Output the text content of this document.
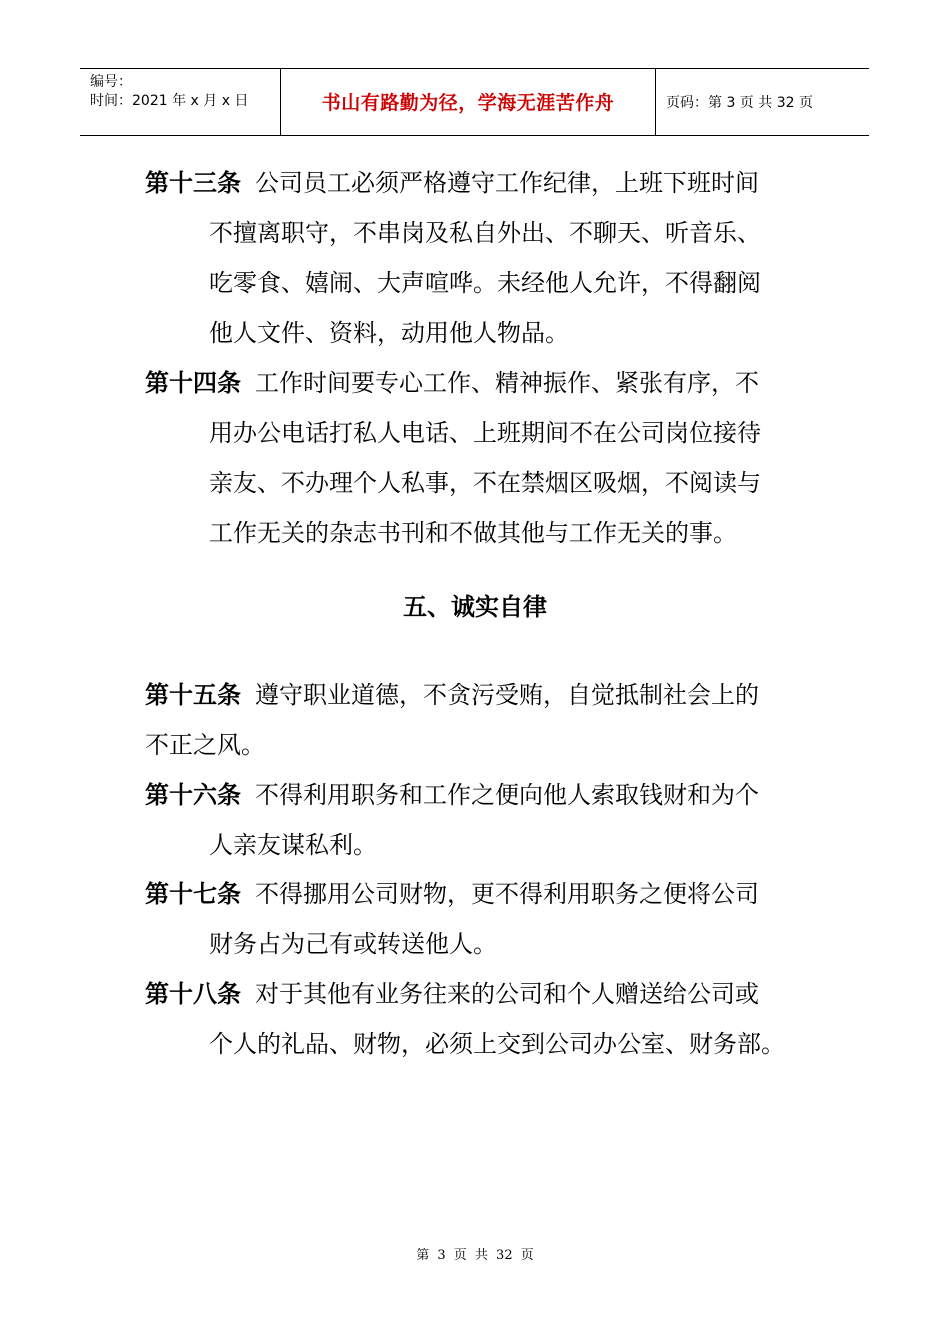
编号：
时间：2021 年 x 月 x 日	书山有路勤为径，学海无涯苦作舟	页码：第 3 页 共 32 页
第十三条 公司员工必须严格遵守工作纪律，上班下班时间
不擅离职守，不串岗及私自外出、不聊天、听音乐、
吃零食、嬉闹、大声喧哗。未经他人允许，不得翻阅
他人文件、资料，动用他人物品。
第十四条 工作时间要专心工作、精神振作、紧张有序，不
用办公电话打私人电话、上班期间不在公司岗位接待
亲友、不办理个人私事，不在禁烟区吸烟，不阅读与
工作无关的杂志书刊和不做其他与工作无关的事。
五、诚实自律
第十五条 遵守职业道德，不贪污受贿，自觉抵制社会上的
不正之风。
第十六条 不得利用职务和工作之便向他人索取钱财和为个
人亲友谋私利。
第十七条 不得挪用公司财物，更不得利用职务之便将公司
财务占为己有或转送他人。
第十八条 对于其他有业务往来的公司和个人赠送给公司或
个人的礼品、财物，必须上交到公司办公室、财务部。
第 3 页 共 32 页
